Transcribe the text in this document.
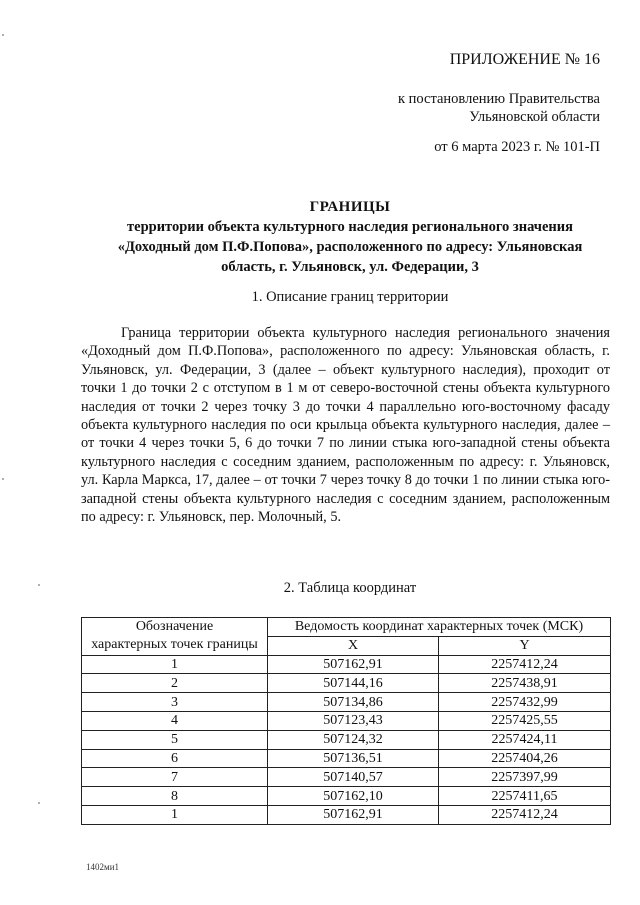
ПРИЛОЖЕНИЕ № 16
к постановлению Правительства
Ульяновской области
от 6 марта 2023 г. № 101-П
ГРАНИЦЫ
территории объекта культурного наследия регионального значения
«Доходный дом П.Ф.Попова», расположенного по адресу: Ульяновская
область, г. Ульяновск, ул. Федерации, 3
1. Описание границ территории
Граница территории объекта культурного наследия регионального значения «Доходный дом П.Ф.Попова», расположенного по адресу: Ульяновская область, г. Ульяновск, ул. Федерации, 3 (далее – объект культурного наследия), проходит от точки 1 до точки 2 с отступом в 1 м от северо-восточной стены объекта культурного наследия от точки 2 через точку 3 до точки 4 параллельно юго-восточному фасаду объекта культурного наследия по оси крыльца объекта культурного наследия, далее – от точки 4 через точки 5, 6 до точки 7 по линии стыка юго-западной стены объекта культурного наследия с соседним зданием, расположенным по адресу: г. Ульяновск, ул. Карла Маркса, 17, далее – от точки 7 через точку 8 до точки 1 по линии стыка юго-западной стены объекта культурного наследия с соседним зданием, расположенным по адресу: г. Ульяновск, пер. Молочный, 5.
2. Таблица координат
Обозначение
характерных точек границы	Ведомость координат характерных точек (МСК)	
	X	Y
1	507162,91	2257412,24
2	507144,16	2257438,91
3	507134,86	2257432,99
4	507123,43	2257425,55
5	507124,32	2257424,11
6	507136,51	2257404,26
7	507140,57	2257397,99
8	507162,10	2257411,65
1	507162,91	2257412,24
1402ми1
